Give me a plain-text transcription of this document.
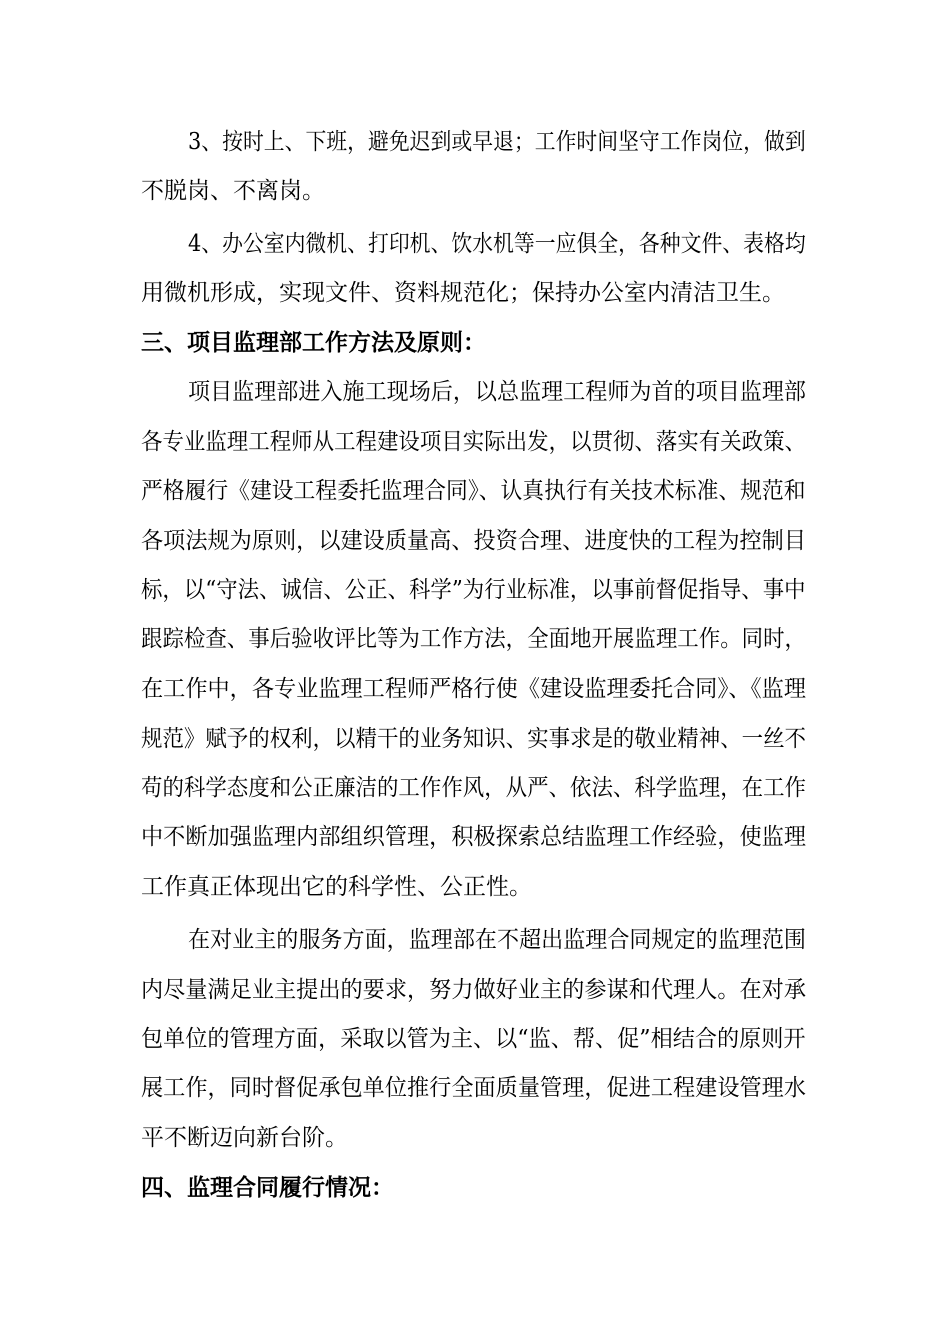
3、按时上、下班，避免迟到或早退；工作时间坚守工作岗位，做到
不脱岗、不离岗。
4、办公室内微机、打印机、饮水机等一应俱全，各种文件、表格均
用微机形成，实现文件、资料规范化；保持办公室内清洁卫生。
三、项目监理部工作方法及原则：
项目监理部进入施工现场后，以总监理工程师为首的项目监理部
各专业监理工程师从工程建设项目实际出发，以贯彻、落实有关政策、
严格履行《建设工程委托监理合同》、认真执行有关技术标准、规范和
各项法规为原则，以建设质量高、投资合理、进度快的工程为控制目
标，以“守法、诚信、公正、科学”为行业标准，以事前督促指导、事中
跟踪检查、事后验收评比等为工作方法，全面地开展监理工作。同时，
在工作中，各专业监理工程师严格行使《建设监理委托合同》、《监理
规范》赋予的权利，以精干的业务知识、实事求是的敬业精神、一丝不
苟的科学态度和公正廉洁的工作作风，从严、依法、科学监理，在工作
中不断加强监理内部组织管理，积极探索总结监理工作经验，使监理
工作真正体现出它的科学性、公正性。
在对业主的服务方面，监理部在不超出监理合同规定的监理范围
内尽量满足业主提出的要求，努力做好业主的参谋和代理人。在对承
包单位的管理方面，采取以管为主、以“监、帮、促”相结合的原则开
展工作，同时督促承包单位推行全面质量管理，促进工程建设管理水
平不断迈向新台阶。
四、监理合同履行情况：
